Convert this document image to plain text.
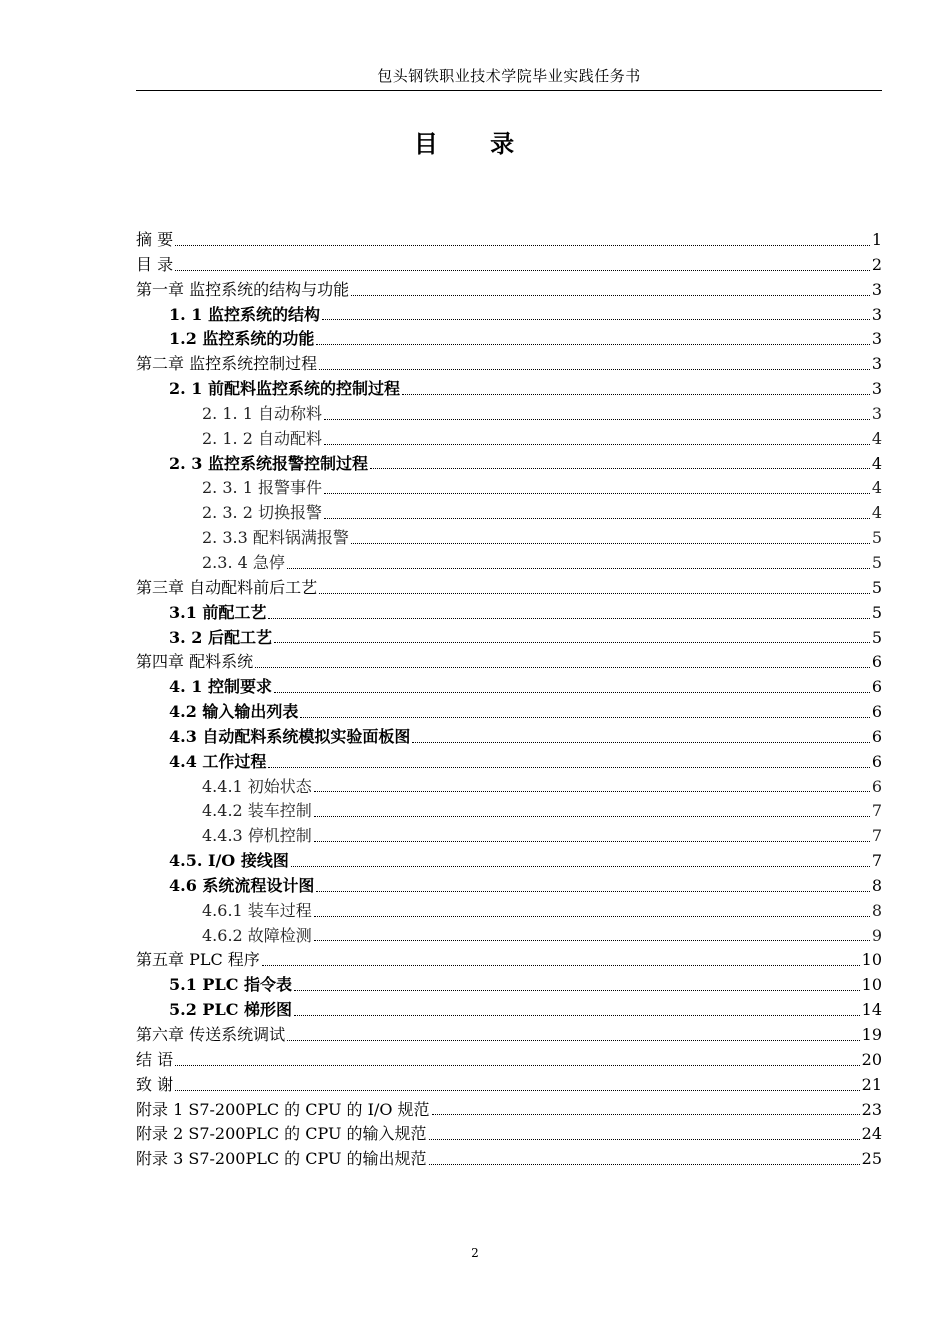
包头钢铁职业技术学院毕业实践任务书
目 录
摘 要	1
目 录	2
第一章 监控系统的结构与功能	3
1. 1 监控系统的结构	3
1.2 监控系统的功能	3
第二章 监控系统控制过程	3
2. 1 前配料监控系统的控制过程	3
2. 1. 1 自动称料	3
2. 1. 2 自动配料	4
2. 3 监控系统报警控制过程	4
2. 3. 1 报警事件	4
2. 3. 2 切换报警	4
2. 3.3 配料锅满报警	5
2.3. 4 急停	5
第三章 自动配料前后工艺	5
3.1 前配工艺	5
3. 2 后配工艺	5
第四章 配料系统	6
4. 1 控制要求	6
4.2 输入输出列表	6
4.3 自动配料系统模拟实验面板图	6
4.4 工作过程	6
4.4.1 初始状态	6
4.4.2 装车控制	7
4.4.3 停机控制	7
4.5. I/O 接线图	7
4.6 系统流程设计图	8
4.6.1 装车过程	8
4.6.2 故障检测	9
第五章 PLC 程序	10
5.1 PLC 指令表	10
5.2 PLC 梯形图	14
第六章 传送系统调试	19
结 语	20
致 谢	21
附录 1 S7-200PLC 的 CPU 的 I/O 规范	23
附录 2 S7-200PLC 的 CPU 的输入规范	24
附录 3 S7-200PLC 的 CPU 的输出规范	25
2
